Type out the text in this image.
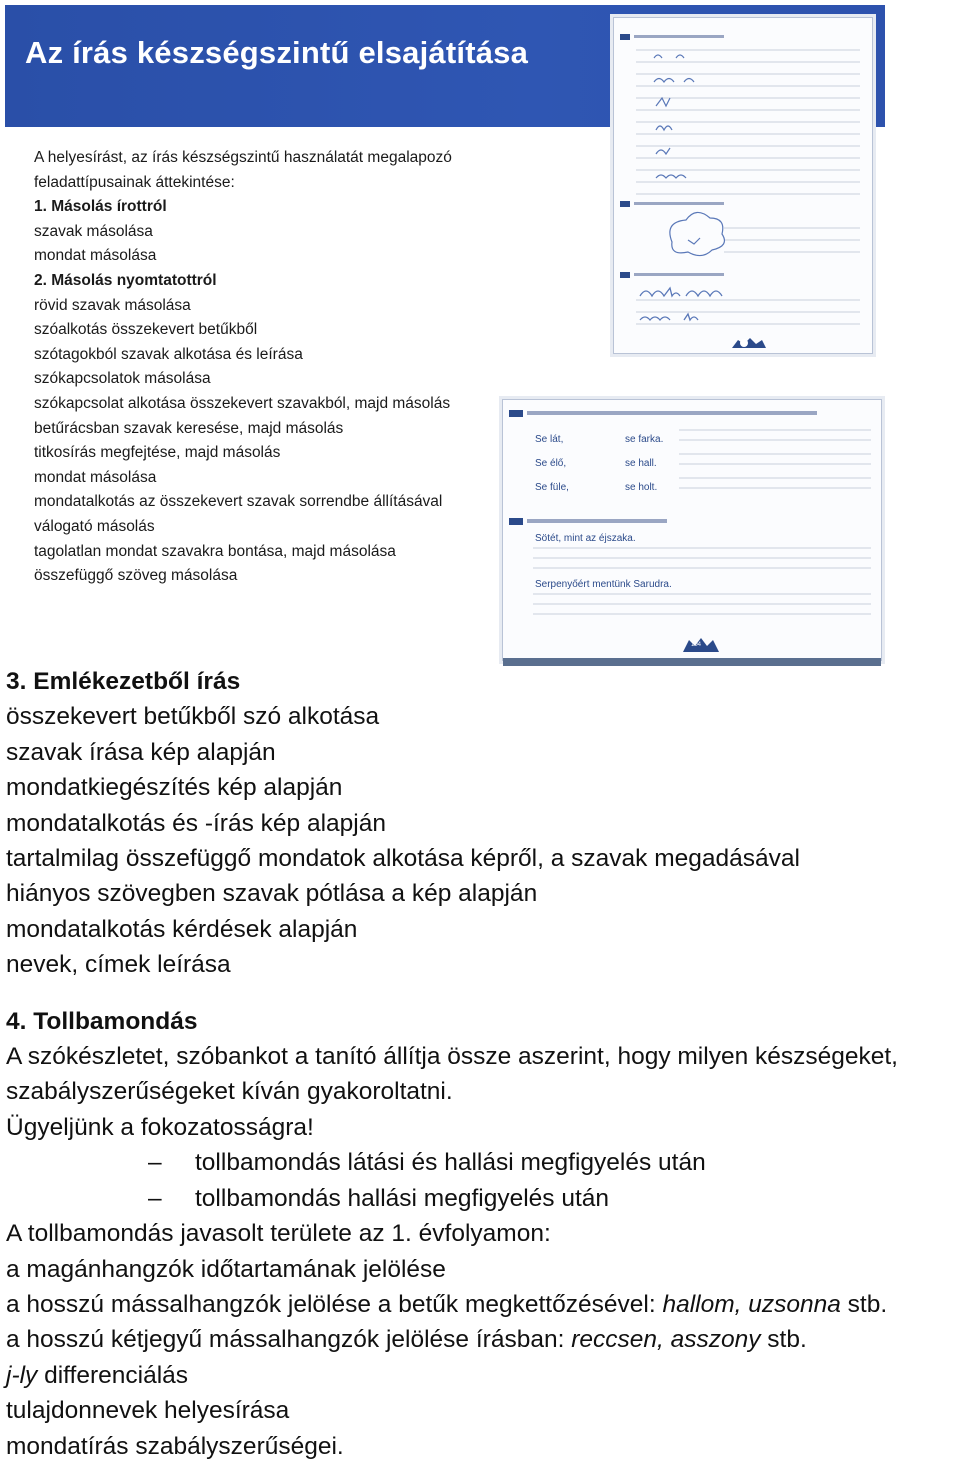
Az írás készségszintű elsajátítása
A helyesírást, az írás készségszintű használatát megalapozó
feladattípusainak áttekintése:
1. Másolás írottról
szavak másolása
mondat másolása
2. Másolás nyomtatottról
rövid szavak másolása
szóalkotás összekevert betűkből
szótagokból szavak alkotása és leírása
szókapcsolatok másolása
szókapcsolat alkotása összekevert szavakból, majd másolás
betűrácsban szavak keresése, majd másolás
titkosírás megfejtése, majd másolás
mondat másolása
mondatalkotás az összekevert szavak sorrendbe állításával
válogató másolás
tagolatlan mondat szavakra bontása, majd másolása
összefüggő szöveg másolása
Se lát,
Se élő,
Se füle,
se farka.
se hall.
se holt.
Sötét, mint az éjszaka.
Serpenyőért mentünk Sarudra.
104
3. Emlékezetből írás
összekevert betűkből szó alkotása
szavak írása kép alapján
mondatkiegészítés kép alapján
mondatalkotás és -írás kép alapján
tartalmilag összefüggő mondatok alkotása képről, a szavak megadásával
hiányos szövegben szavak pótlása a kép alapján
mondatalkotás kérdések alapján
nevek, címek leírása
4. Tollbamondás
A szókészletet, szóbankot a tanító állítja össze aszerint, hogy milyen készségeket,
szabályszerűségeket kíván gyakoroltatni.
Ügyeljünk a fokozatosságra!
– tollbamondás látási és hallási megfigyelés után
– tollbamondás hallási megfigyelés után
A tollbamondás javasolt területe az 1. évfolyamon:
a magánhangzók időtartamának jelölése
a hosszú mássalhangzók jelölése a betűk megkettőzésével: hallom, uzsonna stb.
a hosszú kétjegyű mássalhangzók jelölése írásban: reccsen, asszony stb.
j-ly differenciálás
tulajdonnevek helyesírása
mondatírás szabályszerűségei.
